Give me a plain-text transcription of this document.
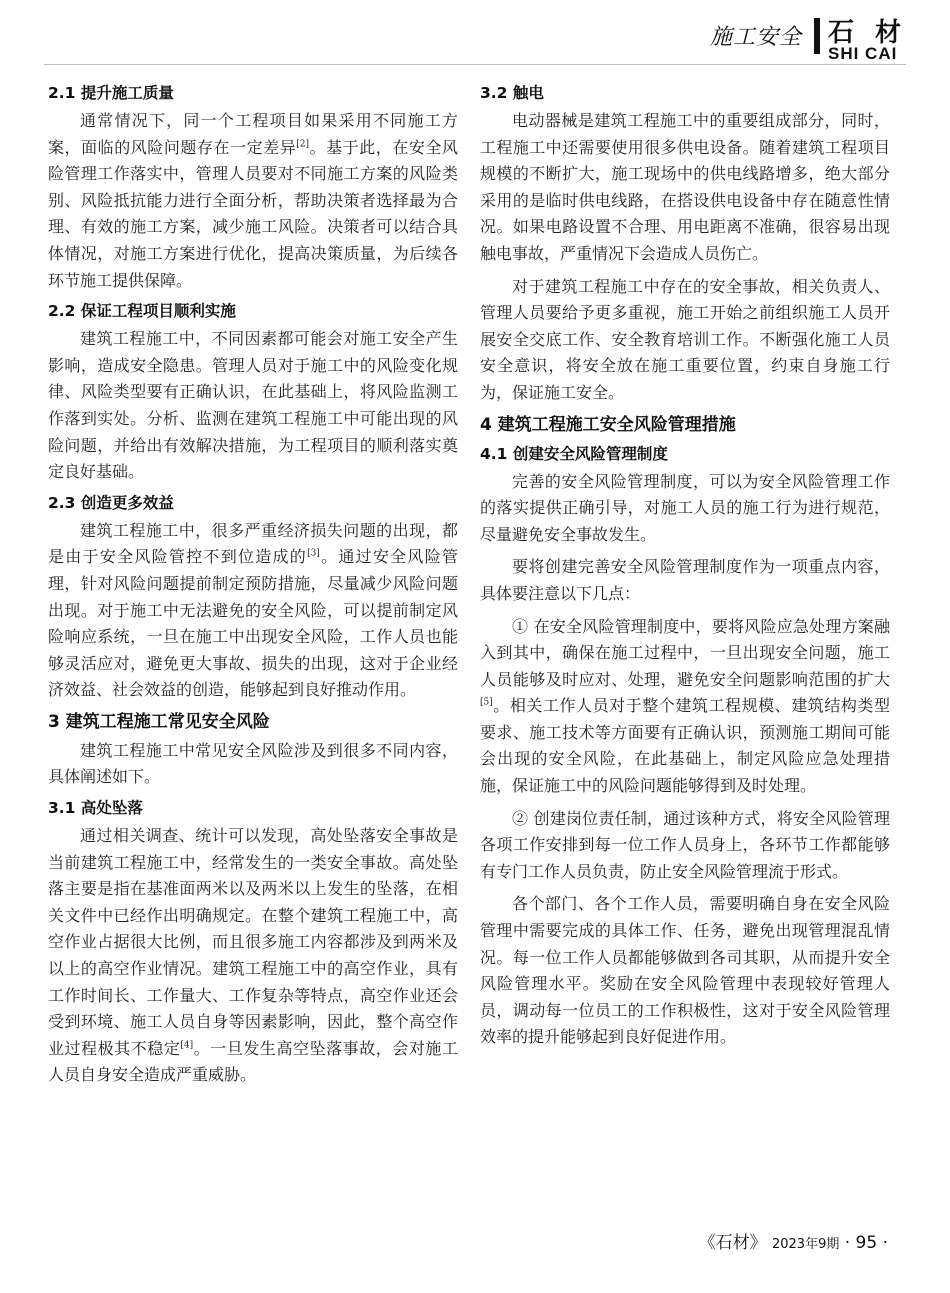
施工安全 石 材
SHI CAI
2.1 提升施工质量

通常情况下，同一个工程项目如果采用不同施工方案，面临的风险问题存在一定差异[2]。基于此，在安全风险管理工作落实中，管理人员要对不同施工方案的风险类别、风险抵抗能力进行全面分析，帮助决策者选择最为合理、有效的施工方案，减少施工风险。决策者可以结合具体情况，对施工方案进行优化，提高决策质量，为后续各环节施工提供保障。

2.2 保证工程项目顺利实施

建筑工程施工中，不同因素都可能会对施工安全产生影响，造成安全隐患。管理人员对于施工中的风险变化规律、风险类型要有正确认识，在此基础上，将风险监测工作落到实处。分析、监测在建筑工程施工中可能出现的风险问题，并给出有效解决措施，为工程项目的顺利落实奠定良好基础。

2.3 创造更多效益

建筑工程施工中，很多严重经济损失问题的出现，都是由于安全风险管控不到位造成的[3]。通过安全风险管理，针对风险问题提前制定预防措施，尽量减少风险问题出现。对于施工中无法避免的安全风险，可以提前制定风险响应系统，一旦在施工中出现安全风险，工作人员也能够灵活应对，避免更大事故、损失的出现，这对于企业经济效益、社会效益的创造，能够起到良好推动作用。

3 建筑工程施工常见安全风险

建筑工程施工中常见安全风险涉及到很多不同内容，具体阐述如下。

3.1 高处坠落

通过相关调查、统计可以发现，高处坠落安全事故是当前建筑工程施工中，经常发生的一类安全事故。高处坠落主要是指在基准面两米以及两米以上发生的坠落，在相关文件中已经作出明确规定。在整个建筑工程施工中，高空作业占据很大比例，而且很多施工内容都涉及到两米及以上的高空作业情况。建筑工程施工中的高空作业，具有工作时间长、工作量大、工作复杂等特点，高空作业还会受到环境、施工人员自身等因素影响，因此，整个高空作业过程极其不稳定[4]。一旦发生高空坠落事故，会对施工人员自身安全造成严重威胁。

3.2 触电

电动器械是建筑工程施工中的重要组成部分，同时，工程施工中还需要使用很多供电设备。随着建筑工程项目规模的不断扩大，施工现场中的供电线路增多，绝大部分采用的是临时供电线路，在搭设供电设备中存在随意性情况。如果电路设置不合理、用电距离不准确，很容易出现触电事故，严重情况下会造成人员伤亡。

对于建筑工程施工中存在的安全事故，相关负责人、管理人员要给予更多重视，施工开始之前组织施工人员开展安全交底工作、安全教育培训工作。不断强化施工人员安全意识，将安全放在施工重要位置，约束自身施工行为，保证施工安全。

4 建筑工程施工安全风险管理措施
4.1 创建安全风险管理制度

完善的安全风险管理制度，可以为安全风险管理工作的落实提供正确引导，对施工人员的施工行为进行规范，尽量避免安全事故发生。

要将创建完善安全风险管理制度作为一项重点内容，具体要注意以下几点：

① 在安全风险管理制度中，要将风险应急处理方案融入到其中，确保在施工过程中，一旦出现安全问题，施工人员能够及时应对、处理，避免安全问题影响范围的扩大[5]。相关工作人员对于整个建筑工程规模、建筑结构类型要求、施工技术等方面要有正确认识，预测施工期间可能会出现的安全风险，在此基础上，制定风险应急处理措施，保证施工中的风险问题能够得到及时处理。

② 创建岗位责任制，通过该种方式，将安全风险管理各项工作安排到每一位工作人员身上，各环节工作都能够有专门工作人员负责，防止安全风险管理流于形式。

各个部门、各个工作人员，需要明确自身在安全风险管理中需要完成的具体工作、任务，避免出现管理混乱情况。每一位工作人员都能够做到各司其职，从而提升安全风险管理水平。奖励在安全风险管理中表现较好管理人员，调动每一位员工的工作积极性，这对于安全风险管理效率的提升能够起到良好促进作用。

《石材》 2023年9期 · 95 ·
